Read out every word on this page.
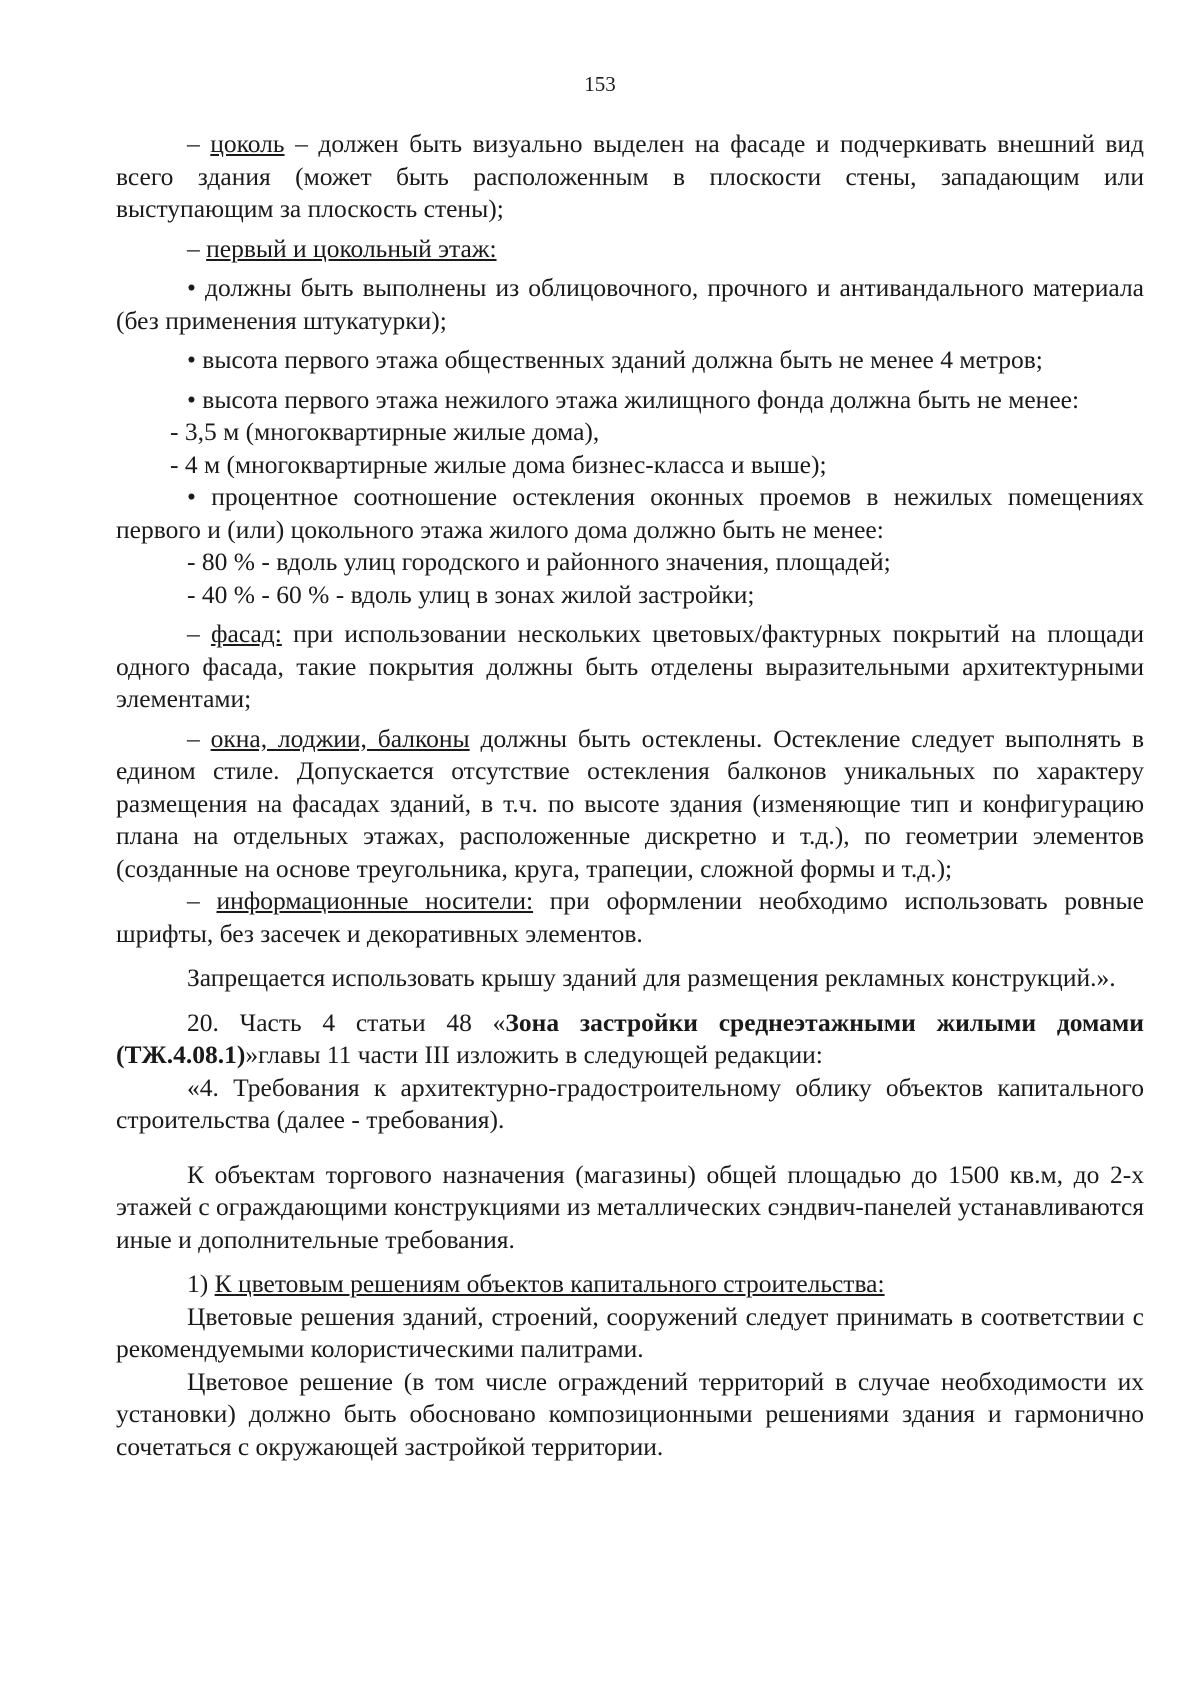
153

– цоколь – должен быть визуально выделен на фасаде и подчеркивать внешний вид всего здания (может быть расположенным в плоскости стены, западающим или выступающим за плоскость стены);

– первый и цокольный этаж:

• должны быть выполнены из облицовочного, прочного и антивандального материала (без применения штукатурки);

• высота первого этажа общественных зданий должна быть не менее 4 метров;

• высота первого этажа нежилого этажа жилищного фонда должна быть не менее:

- 3,5 м (многоквартирные жилые дома),

- 4 м (многоквартирные жилые дома бизнес-класса и выше);

• процентное соотношение остекления оконных проемов в нежилых помещениях первого и (или) цокольного этажа жилого дома должно быть не менее:

- 80 % - вдоль улиц городского и районного значения, площадей;

- 40 % - 60 % - вдоль улиц в зонах жилой застройки;

– фасад: при использовании нескольких цветовых/фактурных покрытий на площади одного фасада, такие покрытия должны быть отделены выразительными архитектурными элементами;

– окна, лоджии, балконы должны быть остеклены. Остекление следует выполнять в едином стиле. Допускается отсутствие остекления балконов уникальных по характеру размещения на фасадах зданий, в т.ч. по высоте здания (изменяющие тип и конфигурацию плана на отдельных этажах, расположенные дискретно и т.д.), по геометрии элементов (созданные на основе треугольника, круга, трапеции, сложной формы и т.д.);

– информационные носители: при оформлении необходимо использовать ровные шрифты, без засечек и декоративных элементов.

Запрещается использовать крышу зданий для размещения рекламных конструкций.».

20. Часть 4 статьи 48 «Зона застройки среднеэтажными жилыми домами (ТЖ.4.08.1)»главы 11 части III изложить в следующей редакции:

«4. Требования к архитектурно-градостроительному облику объектов капитального строительства (далее - требования).

К объектам торгового назначения (магазины) общей площадью до 1500 кв.м, до 2-х этажей с ограждающими конструкциями из металлических сэндвич-панелей устанавливаются иные и дополнительные требования.

1) К цветовым решениям объектов капитального строительства:

Цветовые решения зданий, строений, сооружений следует принимать в соответствии с рекомендуемыми колористическими палитрами.

Цветовое решение (в том числе ограждений территорий в случае необходимости их установки) должно быть обосновано композиционными решениями здания и гармонично сочетаться с окружающей застройкой территории.
